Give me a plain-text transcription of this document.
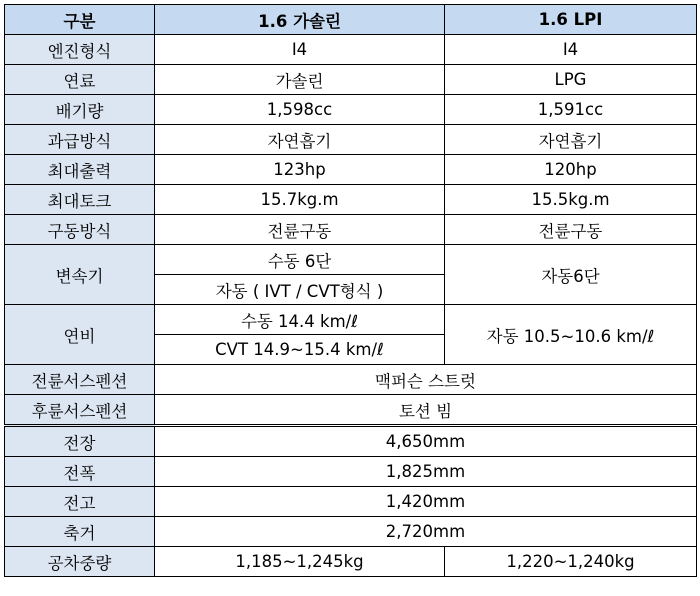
구분	1.6 가솔린	1.6 LPI
엔진형식	I4	I4
연료	가솔린	LPG
배기량	1,598cc	1,591cc
과급방식	자연흡기	자연흡기
최대출력	123hp	120hp
최대토크	15.7kg.m	15.5kg.m
구동방식	전륜구동	전륜구동
변속기	수동 6단	자동6단
	자동 ( IVT / CVT형식 )	
연비	수동 14.4 km/ℓ	자동 10.5~10.6 km/ℓ
	CVT 14.9~15.4 km/ℓ	
전륜서스펜션	맥퍼슨 스트럿	
후륜서스펜션	토션 빔	
전장	4,650mm	
전폭	1,825mm	
전고	1,420mm	
축거	2,720mm	
공차중량	1,185~1,245kg	1,220~1,240kg
